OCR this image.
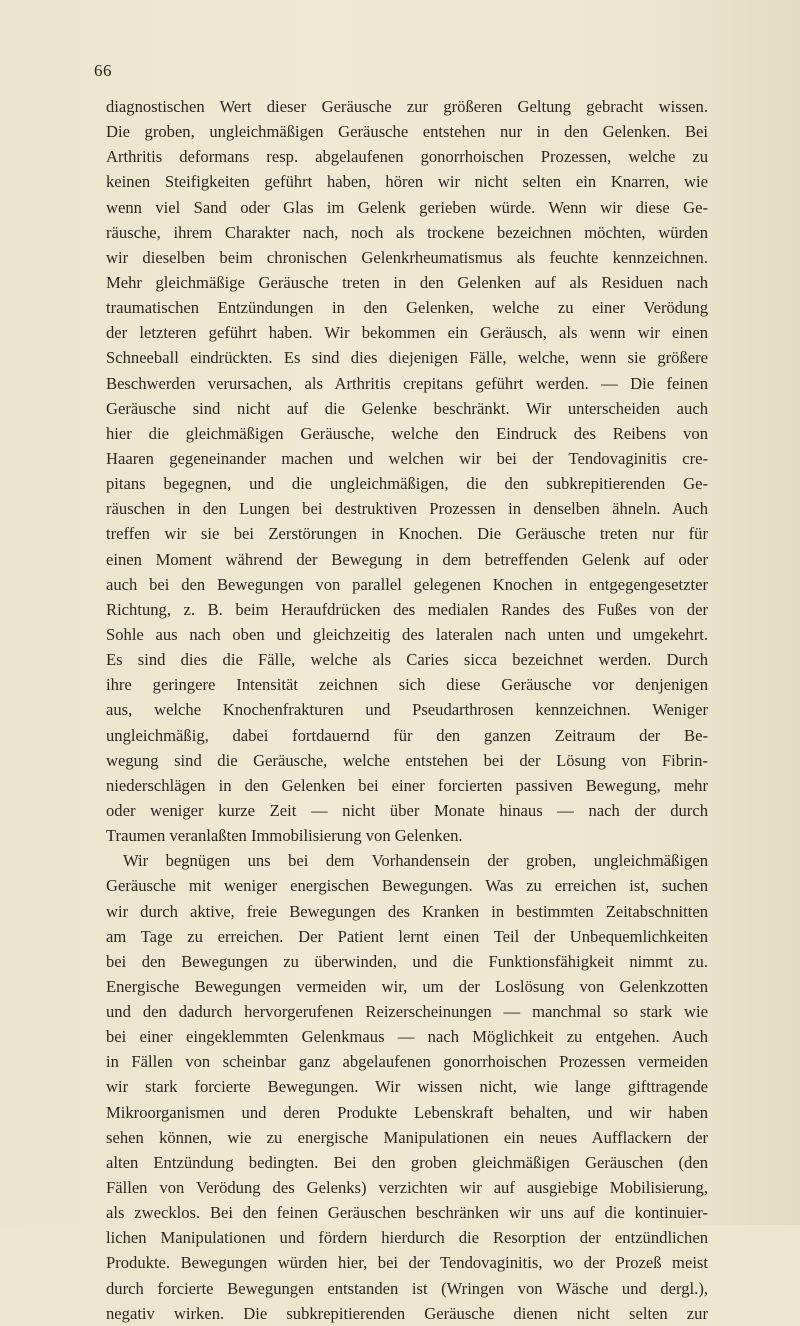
66
diagnostischen Wert dieser Geräusche zur größeren Geltung gebracht wissen.
Die groben, ungleichmäßigen Geräusche entstehen nur in den Gelenken. Bei
Arthritis deformans resp. abgelaufenen gonorrhoischen Prozessen, welche zu
keinen Steifigkeiten geführt haben, hören wir nicht selten ein Knarren, wie
wenn viel Sand oder Glas im Gelenk gerieben würde. Wenn wir diese Ge-
räusche, ihrem Charakter nach, noch als trockene bezeichnen möchten, würden
wir dieselben beim chronischen Gelenkrheumatismus als feuchte kennzeichnen.
Mehr gleichmäßige Geräusche treten in den Gelenken auf als Residuen nach
traumatischen Entzündungen in den Gelenken, welche zu einer Verödung
der letzteren geführt haben. Wir bekommen ein Geräusch, als wenn wir einen
Schneeball eindrückten. Es sind dies diejenigen Fälle, welche, wenn sie größere
Beschwerden verursachen, als Arthritis crepitans geführt werden. — Die feinen
Geräusche sind nicht auf die Gelenke beschränkt. Wir unterscheiden auch
hier die gleichmäßigen Geräusche, welche den Eindruck des Reibens von
Haaren gegeneinander machen und welchen wir bei der Tendovaginitis cre-
pitans begegnen, und die ungleichmäßigen, die den subkrepitierenden Ge-
räuschen in den Lungen bei destruktiven Prozessen in denselben ähneln. Auch
treffen wir sie bei Zerstörungen in Knochen. Die Geräusche treten nur für
einen Moment während der Bewegung in dem betreffenden Gelenk auf oder
auch bei den Bewegungen von parallel gelegenen Knochen in entgegengesetzter
Richtung, z. B. beim Heraufdrücken des medialen Randes des Fußes von der
Sohle aus nach oben und gleichzeitig des lateralen nach unten und umgekehrt.
Es sind dies die Fälle, welche als Caries sicca bezeichnet werden. Durch
ihre geringere Intensität zeichnen sich diese Geräusche vor denjenigen
aus, welche Knochenfrakturen und Pseudarthrosen kennzeichnen. Weniger
ungleichmäßig, dabei fortdauernd für den ganzen Zeitraum der Be-
wegung sind die Geräusche, welche entstehen bei der Lösung von Fibrin-
niederschlägen in den Gelenken bei einer forcierten passiven Bewegung, mehr
oder weniger kurze Zeit — nicht über Monate hinaus — nach der durch
Traumen veranlaßten Immobilisierung von Gelenken.
Wir begnügen uns bei dem Vorhandensein der groben, ungleichmäßigen
Geräusche mit weniger energischen Bewegungen. Was zu erreichen ist, suchen
wir durch aktive, freie Bewegungen des Kranken in bestimmten Zeitabschnitten
am Tage zu erreichen. Der Patient lernt einen Teil der Unbequemlichkeiten
bei den Bewegungen zu überwinden, und die Funktionsfähigkeit nimmt zu.
Energische Bewegungen vermeiden wir, um der Loslösung von Gelenkzotten
und den dadurch hervorgerufenen Reizerscheinungen — manchmal so stark wie
bei einer eingeklemmten Gelenkmaus — nach Möglichkeit zu entgehen. Auch
in Fällen von scheinbar ganz abgelaufenen gonorrhoischen Prozessen vermeiden
wir stark forcierte Bewegungen. Wir wissen nicht, wie lange gifttragende
Mikroorganismen und deren Produkte Lebenskraft behalten, und wir haben
sehen können, wie zu energische Manipulationen ein neues Aufflackern der
alten Entzündung bedingten. Bei den groben gleichmäßigen Geräuschen (den
Fällen von Verödung des Gelenks) verzichten wir auf ausgiebige Mobilisierung,
als zwecklos. Bei den feinen Geräuschen beschränken wir uns auf die kontinuier-
lichen Manipulationen und fördern hierdurch die Resorption der entzündlichen
Produkte. Bewegungen würden hier, bei der Tendovaginitis, wo der Prozeß meist
durch forcierte Bewegungen entstanden ist (Wringen von Wäsche und dergl.),
negativ wirken. Die subkrepitierenden Geräusche dienen nicht selten zur
